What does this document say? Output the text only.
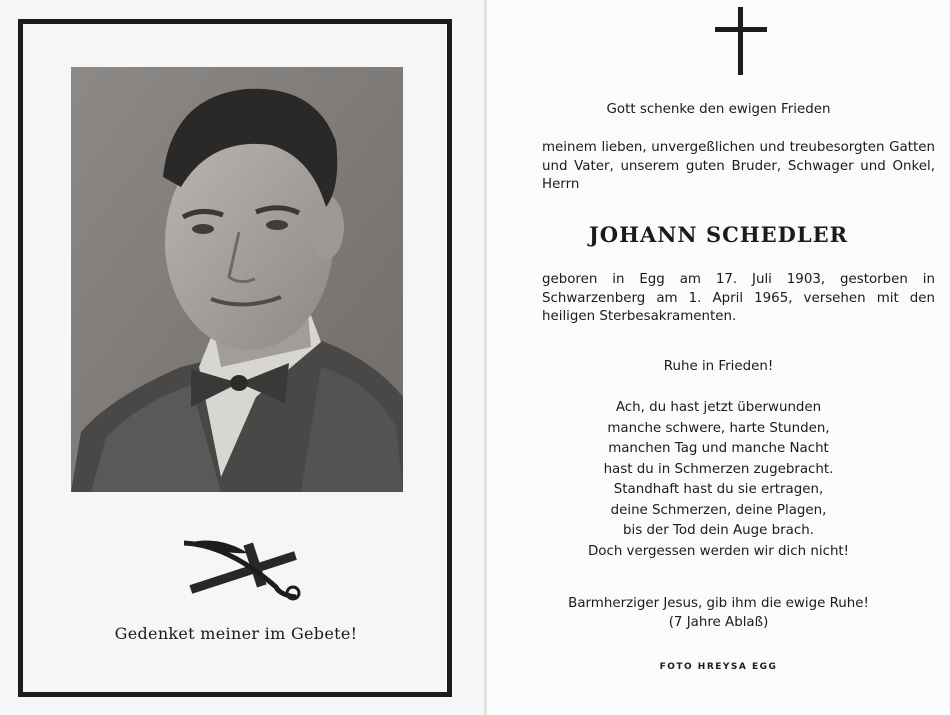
Gedenket meiner im Gebete!
Gott schenke den ewigen Frieden
meinem lieben, unvergeßlichen und treubesorgten Gatten und Vater, unserem guten Bruder, Schwager und Onkel, Herrn
JOHANN SCHEDLER
geboren in Egg am 17. Juli 1903, gestorben in Schwarzenberg am 1. April 1965, versehen mit den heiligen Sterbesakramenten.
Ruhe in Frieden!
Ach, du hast jetzt überwunden
manche schwere, harte Stunden,
manchen Tag und manche Nacht
hast du in Schmerzen zugebracht.
Standhaft hast du sie ertragen,
deine Schmerzen, deine Plagen,
bis der Tod dein Auge brach.
Doch vergessen werden wir dich nicht!
Barmherziger Jesus, gib ihm die ewige Ruhe!
(7 Jahre Ablaß)
FOTO HREYSA EGG
